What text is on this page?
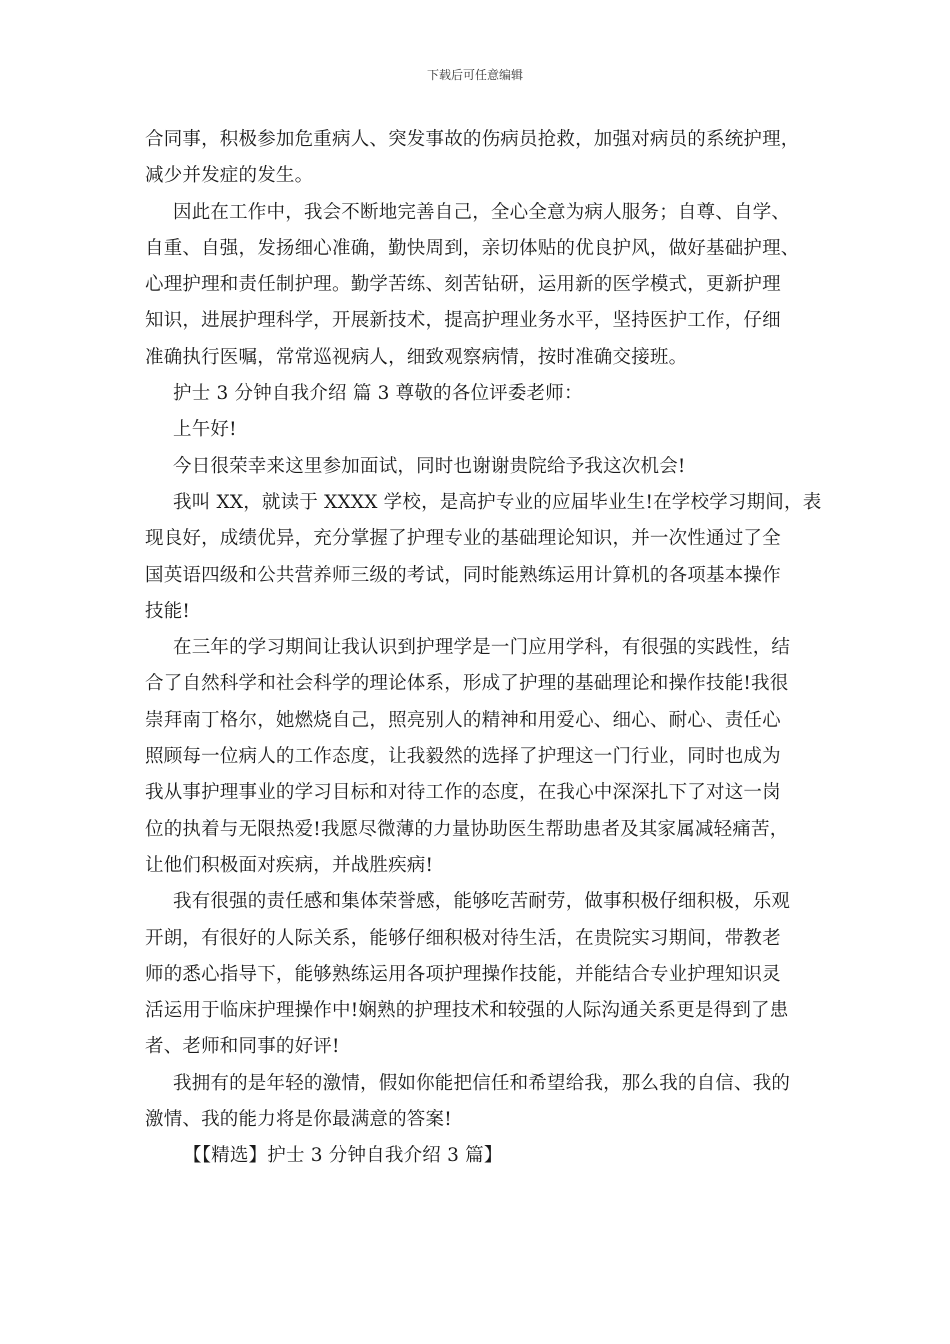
下载后可任意编辑
合同事，积极参加危重病人、突发事故的伤病员抢救，加强对病员的系统护理，
减少并发症的发生。
因此在工作中，我会不断地完善自己，全心全意为病人服务；自尊、自学、
自重、自强，发扬细心准确，勤快周到，亲切体贴的优良护风，做好基础护理、
心理护理和责任制护理。勤学苦练、刻苦钻研，运用新的医学模式，更新护理
知识，进展护理科学，开展新技术，提高护理业务水平，坚持医护工作，仔细
准确执行医嘱，常常巡视病人，细致观察病情，按时准确交接班。
护士 3 分钟自我介绍 篇 3 尊敬的各位评委老师：
上午好!
今日很荣幸来这里参加面试，同时也谢谢贵院给予我这次机会!
我叫 XX，就读于 XXXX 学校，是高护专业的应届毕业生!在学校学习期间，表
现良好，成绩优异，充分掌握了护理专业的基础理论知识，并一次性通过了全
国英语四级和公共营养师三级的考试，同时能熟练运用计算机的各项基本操作
技能!
在三年的学习期间让我认识到护理学是一门应用学科，有很强的实践性，结
合了自然科学和社会科学的理论体系，形成了护理的基础理论和操作技能!我很
崇拜南丁格尔，她燃烧自己，照亮别人的精神和用爱心、细心、耐心、责任心
照顾每一位病人的工作态度，让我毅然的选择了护理这一门行业，同时也成为
我从事护理事业的学习目标和对待工作的态度，在我心中深深扎下了对这一岗
位的执着与无限热爱!我愿尽微薄的力量协助医生帮助患者及其家属减轻痛苦，
让他们积极面对疾病，并战胜疾病!
我有很强的责任感和集体荣誉感，能够吃苦耐劳，做事积极仔细积极，乐观
开朗，有很好的人际关系，能够仔细积极对待生活，在贵院实习期间，带教老
师的悉心指导下，能够熟练运用各项护理操作技能，并能结合专业护理知识灵
活运用于临床护理操作中!娴熟的护理技术和较强的人际沟通关系更是得到了患
者、老师和同事的好评!
我拥有的是年轻的激情，假如你能把信任和希望给我，那么我的自信、我的
激情、我的能力将是你最满意的答案!
【【精选】护士 3 分钟自我介绍 3 篇】
